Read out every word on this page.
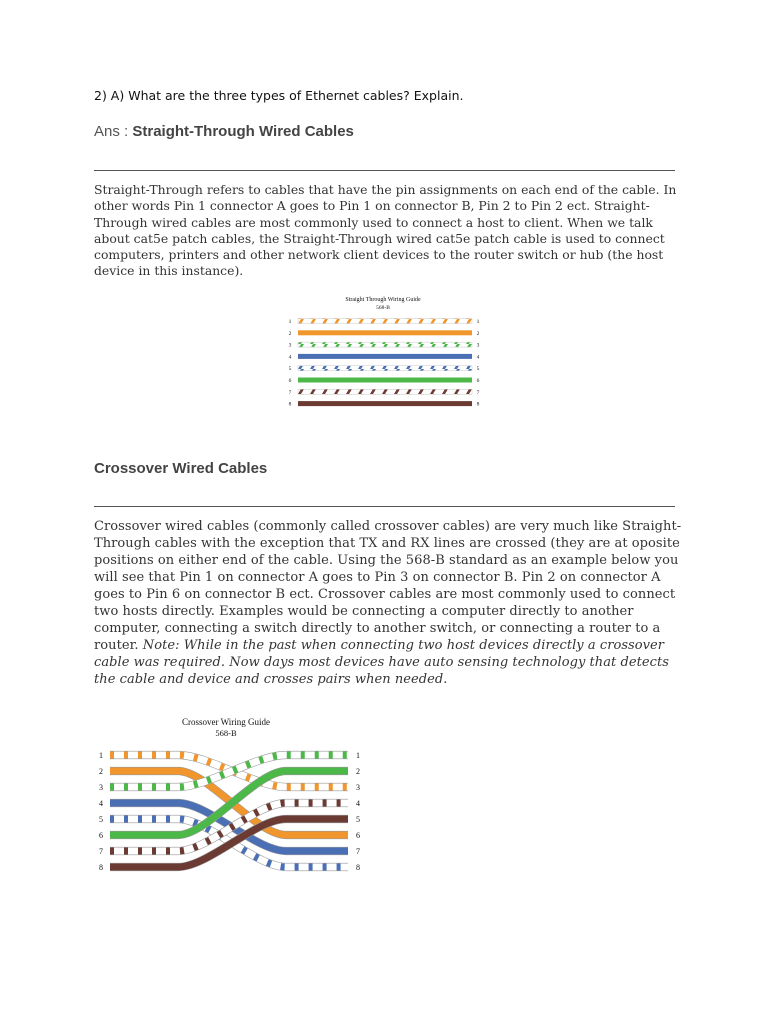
2) A) What are the three types of Ethernet cables? Explain.
Ans : Straight-Through Wired Cables

Straight-Through refers to cables that have the pin assignments on each end of the cable. In other words Pin 1 connector A goes to Pin 1 on connector B, Pin 2 to Pin 2 ect. Straight-Through wired cables are most commonly used to connect a host to client. When we talk about cat5e patch cables, the Straight-Through wired cat5e patch cable is used to connect computers, printers and other network client devices to the router switch or hub (the host device in this instance).

Straight Through Wiring Guide
568-B
1
2
3
4
5
6
7
8
1
2
3
4
5
6
7
8
Crossover Wired Cables

Crossover wired cables (commonly called crossover cables) are very much like Straight-Through cables with the exception that TX and RX lines are crossed (they are at oposite positions on either end of the cable. Using the 568-B standard as an example below you will see that Pin 1 on connector A goes to Pin 3 on connector B. Pin 2 on connector A goes to Pin 6 on connector B ect. Crossover cables are most commonly used to connect two hosts directly. Examples would be connecting a computer directly to another computer, connecting a switch directly to another switch, or connecting a router to a router. Note: While in the past when connecting two host devices directly a crossover cable was required. Now days most devices have auto sensing technology that detects the cable and device and crosses pairs when needed.

Crossover Wiring Guide
568-B
1
2
3
4
5
6
7
8
1
2
3
4
5
6
7
8
